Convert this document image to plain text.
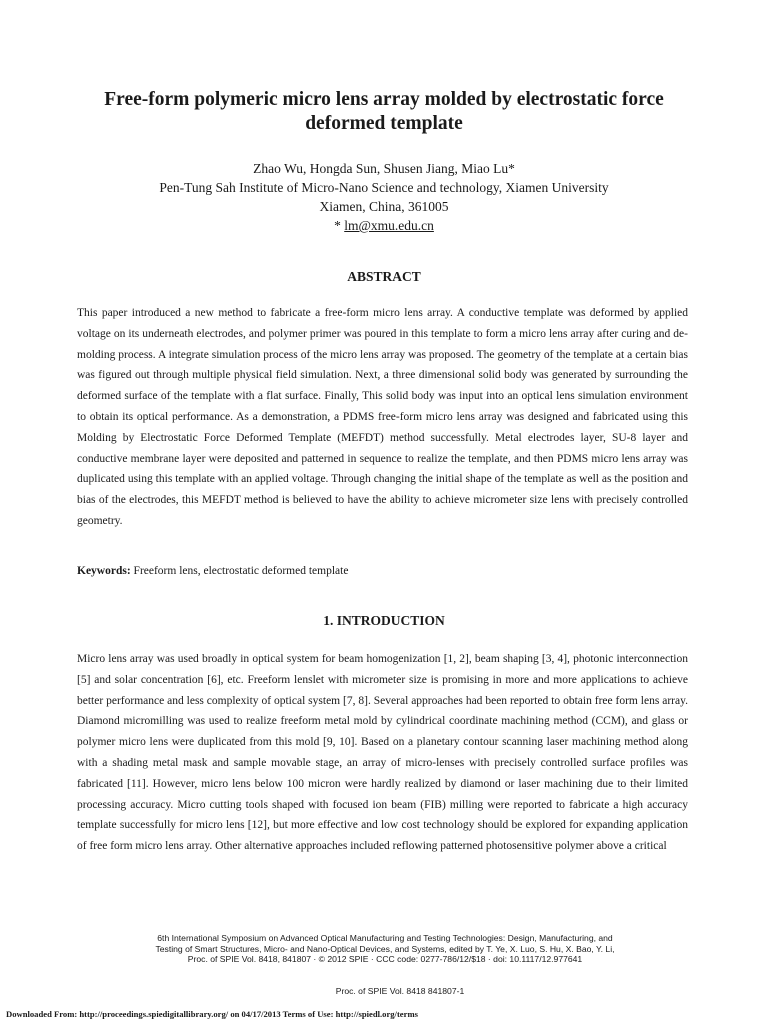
Free-form polymeric micro lens array molded by electrostatic force deformed template
Zhao Wu, Hongda Sun, Shusen Jiang, Miao Lu*
Pen-Tung Sah Institute of Micro-Nano Science and technology, Xiamen University
Xiamen, China, 361005
* lm@xmu.edu.cn
ABSTRACT

This paper introduced a new method to fabricate a free-form micro lens array. A conductive template was deformed by applied voltage on its underneath electrodes, and polymer primer was poured in this template to form a micro lens array after curing and de-molding process. A integrate simulation process of the micro lens array was proposed. The geometry of the template at a certain bias was figured out through multiple physical field simulation. Next, a three dimensional solid body was generated by surrounding the deformed surface of the template with a flat surface. Finally, This solid body was input into an optical lens simulation environment to obtain its optical performance. As a demonstration, a PDMS free-form micro lens array was designed and fabricated using this Molding by Electrostatic Force Deformed Template (MEFDT) method successfully. Metal electrodes layer, SU-8 layer and conductive membrane layer were deposited and patterned in sequence to realize the template, and then PDMS micro lens array was duplicated using this template with an applied voltage. Through changing the initial shape of the template as well as the position and bias of the electrodes, this MEFDT method is believed to have the ability to achieve micrometer size lens with precisely controlled geometry.

Keywords: Freeform lens, electrostatic deformed template
1. INTRODUCTION

Micro lens array was used broadly in optical system for beam homogenization [1, 2], beam shaping [3, 4], photonic interconnection [5] and solar concentration [6], etc. Freeform lenslet with micrometer size is promising in more and more applications to achieve better performance and less complexity of optical system [7, 8]. Several approaches had been reported to obtain free form lens array. Diamond micromilling was used to realize freeform metal mold by cylindrical coordinate machining method (CCM), and glass or polymer micro lens were duplicated from this mold [9, 10]. Based on a planetary contour scanning laser machining method along with a shading metal mask and sample movable stage, an array of micro-lenses with precisely controlled surface profiles was fabricated [11]. However, micro lens below 100 micron were hardly realized by diamond or laser machining due to their limited processing accuracy. Micro cutting tools shaped with focused ion beam (FIB) milling were reported to fabricate a high accuracy template successfully for micro lens [12], but more effective and low cost technology should be explored for expanding application of free form micro lens array. Other alternative approaches included reflowing patterned photosensitive polymer above a critical

6th International Symposium on Advanced Optical Manufacturing and Testing Technologies: Design, Manufacturing, and
Testing of Smart Structures, Micro- and Nano-Optical Devices, and Systems, edited by T. Ye, X. Luo, S. Hu, X. Bao, Y. Li,
Proc. of SPIE Vol. 8418, 841807 · © 2012 SPIE · CCC code: 0277-786/12/$18 · doi: 10.1117/12.977641
Proc. of SPIE Vol. 8418 841807-1
Downloaded From: http://proceedings.spiedigitallibrary.org/ on 04/17/2013 Terms of Use: http://spiedl.org/terms
